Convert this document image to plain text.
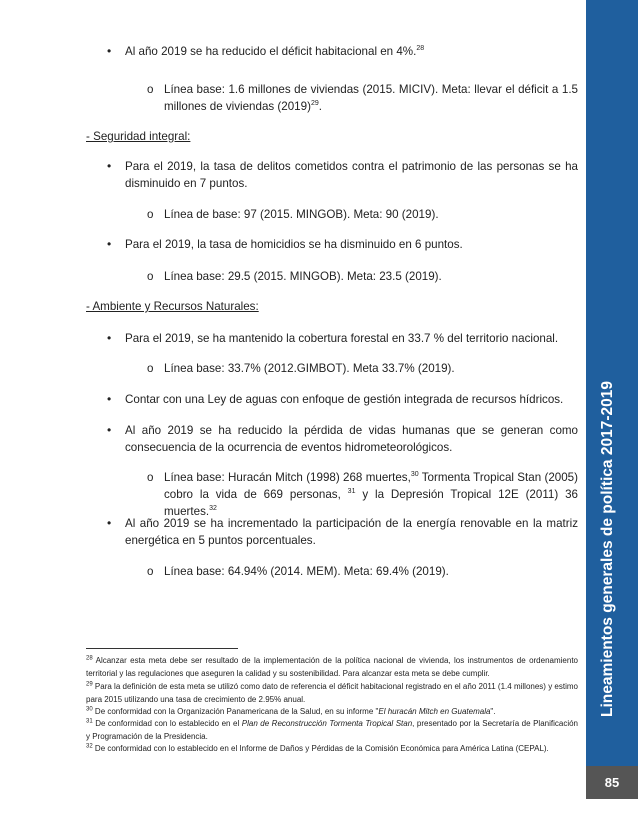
• Al año 2019 se ha reducido el déficit habitacional en 4%.$^{28}$
o Línea base: 1.6 millones de viviendas (2015. MICIV). Meta: llevar el déficit a 1.5 millones de viviendas $(2019)^{29}$.
- Seguridad integral:
• Para el 2019, la tasa de delitos cometidos contra el patrimonio de las personas se ha disminuido en 7 puntos.
o Línea de base: 97 (2015. MINGOB). Meta: 90 (2019).
• Para el 2019, la tasa de homicidios se ha disminuido en 6 puntos.
o Línea base: 29.5 (2015. MINGOB). Meta: 23.5 (2019).
- Ambiente y Recursos Naturales:
• Para el 2019, se ha mantenido la cobertura forestal en 33.7 % del territorio nacional.
o Línea base: 33.7% (2012.GIMBOT). Meta 33.7% (2019).
• Contar con una Ley de aguas con enfoque de gestión integrada de recursos hídricos.
• Al año 2019 se ha reducido la pérdida de vidas humanas que se generan como consecuencia de la ocurrencia de eventos hidrometeorológicos.
o Línea base: Huracán Mitch (1998) 268 muertes,$^{30}$ Tormenta Tropical Stan (2005) cobro la vida de 669 personas, $^{31}$ y la Depresión Tropical 12E (2011) 36 muertes.$^{32}$
• Al año 2019 se ha incrementado la participación de la energía renovable en la matriz energética en 5 puntos porcentuales.
o Línea base: 64.94% (2014. MEM). Meta: 69.4% (2019).
$^{28}$ Alcanzar esta meta debe ser resultado de la implementación de la política nacional de vivienda, los instrumentos de ordenamiento territorial y las regulaciones que aseguren la calidad y su sostenibilidad. Para alcanzar esta meta se debe cumplir.
$^{29}$ Para la definición de esta meta se utilizó como dato de referencia el déficit habitacional registrado en el año 2011 (1.4 millones) y estimo para 2015 utilizando una tasa de crecimiento de 2.95% anual.
$^{30}$ De conformidad con la Organización Panamericana de la Salud, en su informe "El huracán Mitch en Guatemala".
$^{31}$ De conformidad con lo establecido en el Plan de Reconstrucción Tormenta Tropical Stan, presentado por la Secretaría de Planificación y Programación de la Presidencia.
$^{32}$ De conformidad con lo establecido en el Informe de Daños y Pérdidas de la Comisión Económica para América Latina (CEPAL).
Lineamientos generales de política 2017-2019
85
